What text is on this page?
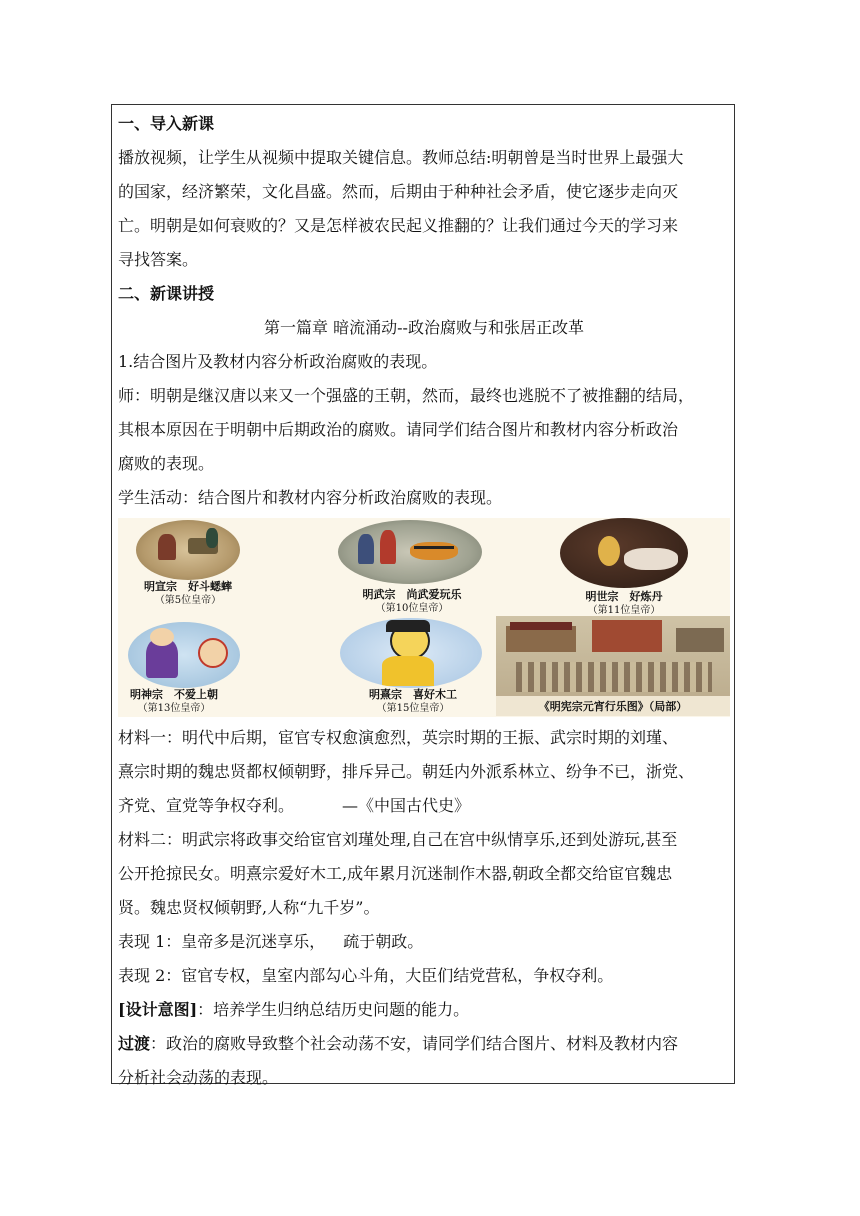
一、导入新课
播放视频，让学生从视频中提取关键信息。教师总结:明朝曾是当时世界上最强大
的国家，经济繁荣，文化昌盛。然而，后期由于种种社会矛盾，使它逐步走向灭
亡。明朝是如何衰败的？又是怎样被农民起义推翻的？让我们通过今天的学习来
寻找答案。
二、新课讲授
第一篇章 暗流涌动--政治腐败与和张居正改革
1.结合图片及教材内容分析政治腐败的表现。
师：明朝是继汉唐以来又一个强盛的王朝，然而，最终也逃脱不了被推翻的结局，
其根本原因在于明朝中后期政治的腐败。请同学们结合图片和教材内容分析政治
腐败的表现。
学生活动：结合图片和教材内容分析政治腐败的表现。
明宣宗　好斗蟋蟀
（第5位皇帝）	明武宗　尚武爱玩乐
（第10位皇帝）
明世宗　好炼丹
（第11位皇帝）
明神宗　不爱上朝
（第13位皇帝）
明熹宗　喜好木工
（第15位皇帝）	《明宪宗元宵行乐图》（局部）
材料一：明代中后期，宦官专权愈演愈烈，英宗时期的王振、武宗时期的刘瑾、
熹宗时期的魏忠贤都权倾朝野，排斥异己。朝廷内外派系林立、纷争不已，浙党、
齐党、宣党等争权夺利。	—《中国古代史》
材料二：明武宗将政事交给宦官刘瑾处理,自己在宫中纵情享乐,还到处游玩,甚至
公开抢掠民女。明熹宗爱好木工,成年累月沉迷制作木器,朝政全都交给宦官魏忠
贤。魏忠贤权倾朝野,人称“九千岁”。
表现 1：皇帝多是沉迷享乐， 疏于朝政。
表现 2：宦官专权，皇室内部勾心斗角，大臣们结党营私，争权夺利。
[设计意图]：培养学生归纳总结历史问题的能力。
过渡：政治的腐败导致整个社会动荡不安，请同学们结合图片、材料及教材内容
分析社会动荡的表现。
